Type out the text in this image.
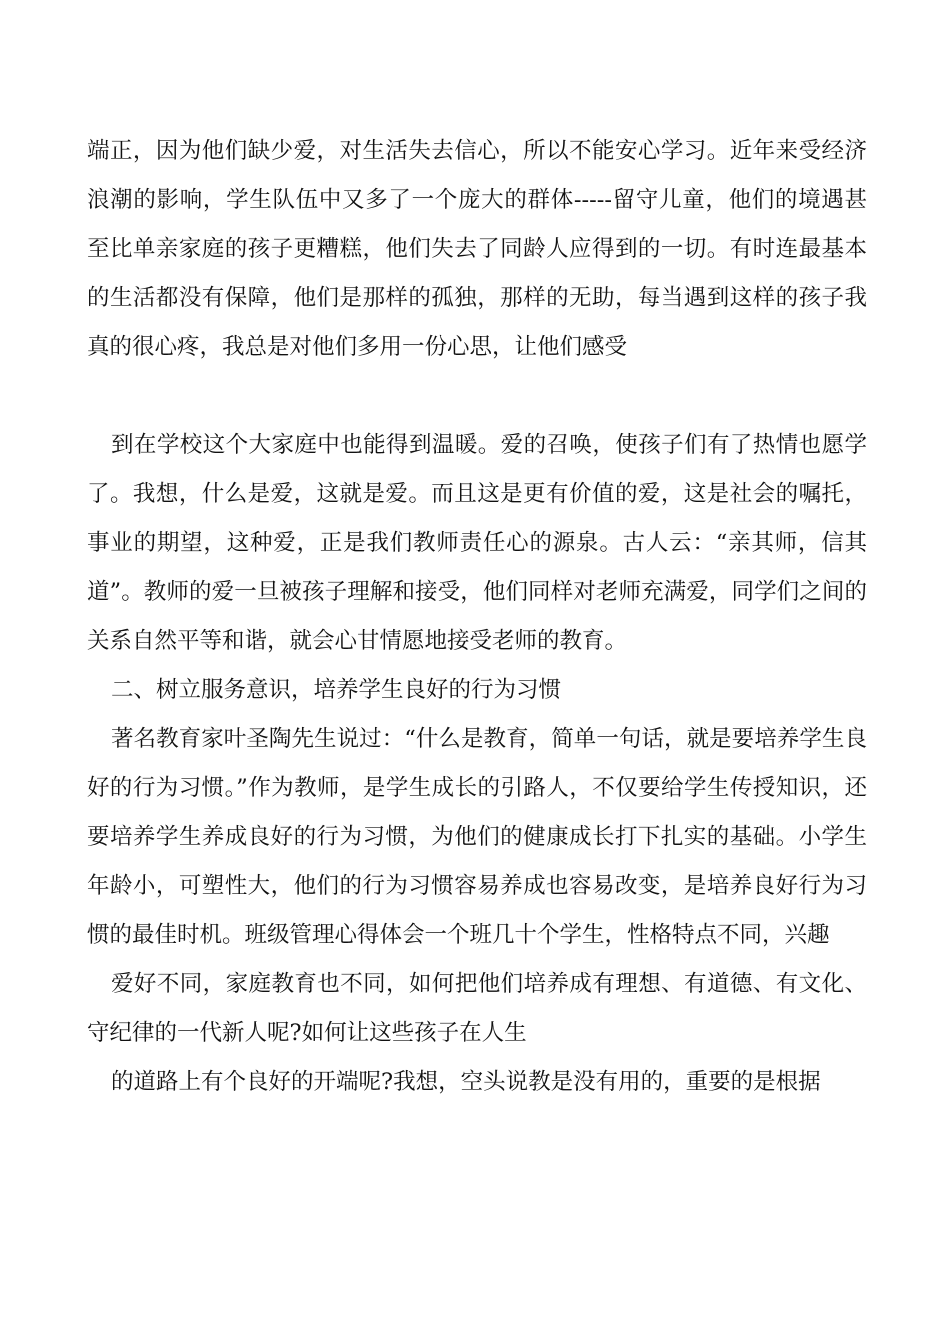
端正，因为他们缺少爱，对生活失去信心，所以不能安心学习。近年来受经济浪潮的影响，学生队伍中又多了一个庞大的群体-----留守儿童，他们的境遇甚至比单亲家庭的孩子更糟糕，他们失去了同龄人应得到的一切。有时连最基本的生活都没有保障，他们是那样的孤独，那样的无助，每当遇到这样的孩子我真的很心疼，我总是对他们多用一份心思，让他们感受

到在学校这个大家庭中也能得到温暖。爱的召唤，使孩子们有了热情也愿学了。我想，什么是爱，这就是爱。而且这是更有价值的爱，这是社会的嘱托，事业的期望，这种爱，正是我们教师责任心的源泉。古人云：“亲其师，信其道”。教师的爱一旦被孩子理解和接受，他们同样对老师充满爱，同学们之间的关系自然平等和谐，就会心甘情愿地接受老师的教育。

二、树立服务意识，培养学生良好的行为习惯

著名教育家叶圣陶先生说过：“什么是教育，简单一句话，就是要培养学生良好的行为习惯。”作为教师，是学生成长的引路人，不仅要给学生传授知识，还要培养学生养成良好的行为习惯，为他们的健康成长打下扎实的基础。小学生年龄小，可塑性大，他们的行为习惯容易养成也容易改变，是培养良好行为习惯的最佳时机。班级管理心得体会一个班几十个学生，性格特点不同，兴趣

爱好不同，家庭教育也不同，如何把他们培养成有理想、有道德、有文化、守纪律的一代新人呢?如何让这些孩子在人生

的道路上有个良好的开端呢?我想，空头说教是没有用的，重要的是根据
